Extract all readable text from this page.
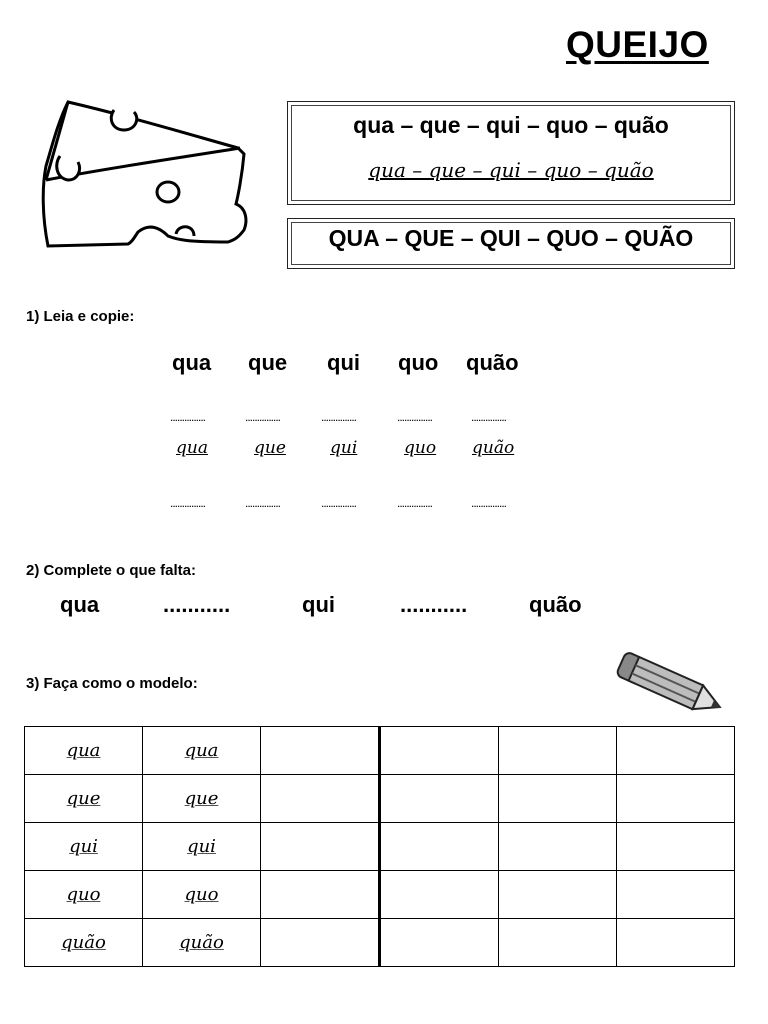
QUEIJO
qua – que – qui – quo – quão
qua – que – qui – quo – quão
QUA – QUE – QUI – QUO – QUÃO
1) Leia e copie:
qua que qui quo quão
...............	...............	...............	...............	...............
qua	que	qui	quo quão
...............	...............	...............	...............	...............
2) Complete o que falta:
qua	...........	qui	...........	quão
3) Faça como o modelo:
qua	qua				
que	que				
qui	qui				
quo	quo				
quão	quão				
